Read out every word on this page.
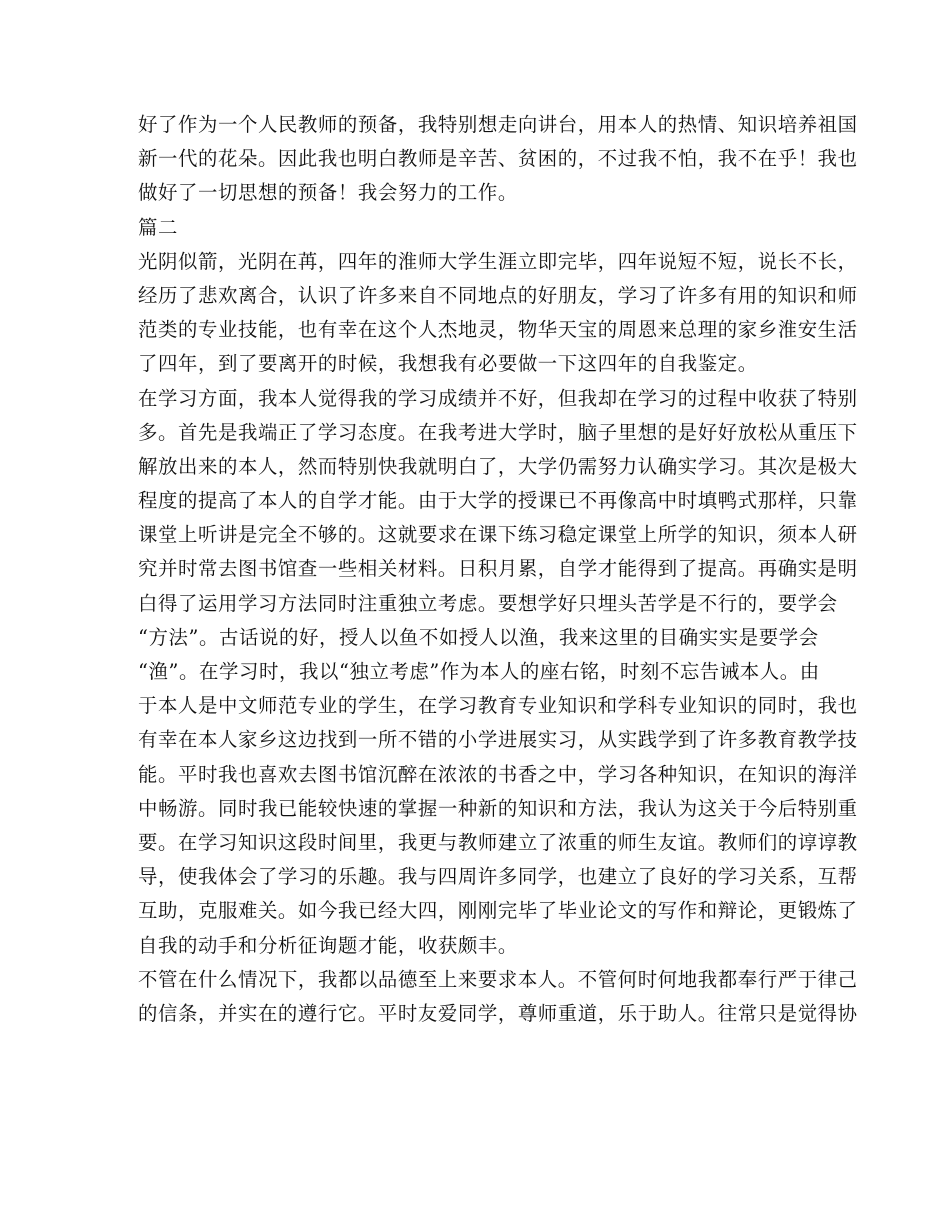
好了作为一个人民教师的预备，我特别想走向讲台，用本人的热情、知识培养祖国
新一代的花朵。因此我也明白教师是辛苦、贫困的，不过我不怕，我不在乎！我也
做好了一切思想的预备！我会努力的工作。
篇二
光阴似箭，光阴在苒，四年的淮师大学生涯立即完毕，四年说短不短，说长不长，
经历了悲欢离合，认识了许多来自不同地点的好朋友，学习了许多有用的知识和师
范类的专业技能，也有幸在这个人杰地灵，物华天宝的周恩来总理的家乡淮安生活
了四年，到了要离开的时候，我想我有必要做一下这四年的自我鉴定。
在学习方面，我本人觉得我的学习成绩并不好，但我却在学习的过程中收获了特别
多。首先是我端正了学习态度。在我考进大学时，脑子里想的是好好放松从重压下
解放出来的本人，然而特别快我就明白了，大学仍需努力认确实学习。其次是极大
程度的提高了本人的自学才能。由于大学的授课已不再像高中时填鸭式那样，只靠
课堂上听讲是完全不够的。这就要求在课下练习稳定课堂上所学的知识，须本人研
究并时常去图书馆查一些相关材料。日积月累，自学才能得到了提高。再确实是明
白得了运用学习方法同时注重独立考虑。要想学好只埋头苦学是不行的，要学会
“方法”。古话说的好，授人以鱼不如授人以渔，我来这里的目确实实是要学会
“渔”。在学习时，我以“独立考虑”作为本人的座右铭，时刻不忘告诫本人。由
于本人是中文师范专业的学生，在学习教育专业知识和学科专业知识的同时，我也
有幸在本人家乡这边找到一所不错的小学进展实习，从实践学到了许多教育教学技
能。平时我也喜欢去图书馆沉醉在浓浓的书香之中，学习各种知识，在知识的海洋
中畅游。同时我已能较快速的掌握一种新的知识和方法，我认为这关于今后特别重
要。在学习知识这段时间里，我更与教师建立了浓重的师生友谊。教师们的谆谆教
导，使我体会了学习的乐趣。我与四周许多同学，也建立了良好的学习关系，互帮
互助，克服难关。如今我已经大四，刚刚完毕了毕业论文的写作和辩论，更锻炼了
自我的动手和分析征询题才能，收获颇丰。
不管在什么情况下，我都以品德至上来要求本人。不管何时何地我都奉行严于律己
的信条，并实在的遵行它。平时友爱同学，尊师重道，乐于助人。往常只是觉得协
